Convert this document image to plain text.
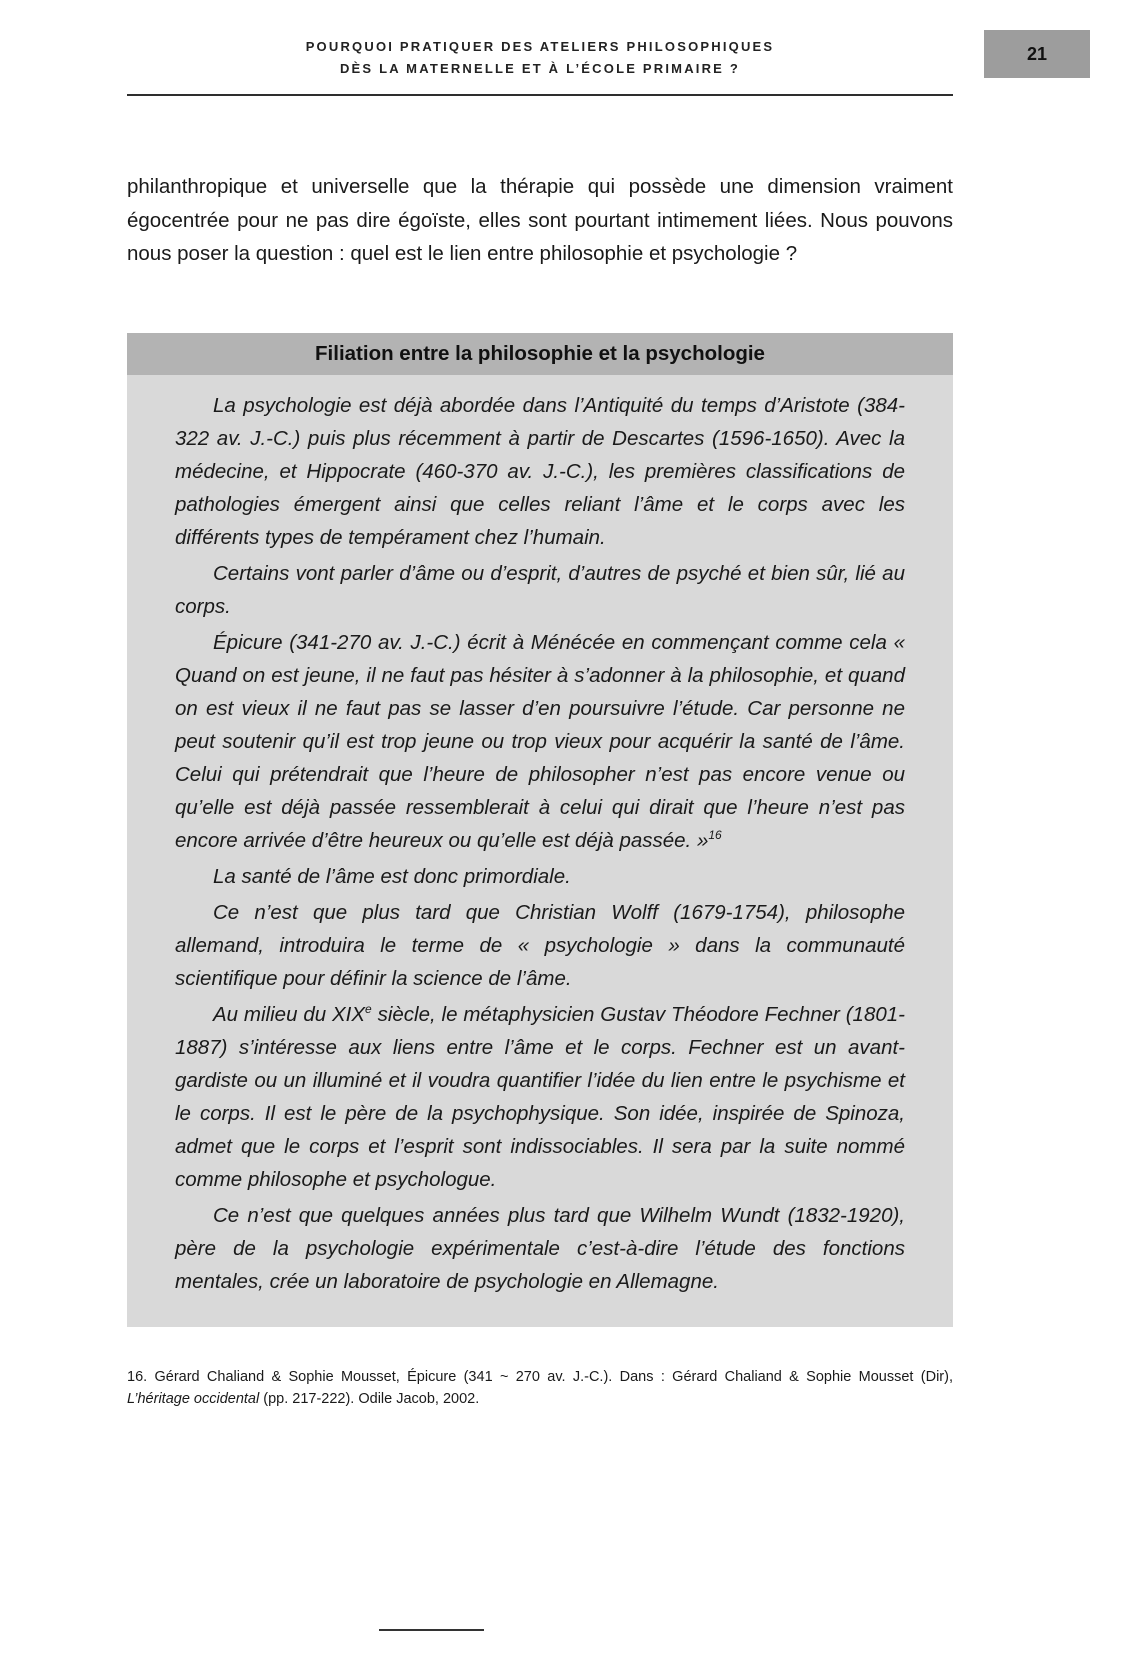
21
POURQUOI PRATIQUER DES ATELIERS PHILOSOPHIQUES
DÈS LA MATERNELLE ET À L’ÉCOLE PRIMAIRE ?

philanthropique et universelle que la thérapie qui possède une dimension vraiment égocentrée pour ne pas dire égoïste, elles sont pourtant intimement liées. Nous pouvons nous poser la question : quel est le lien entre philosophie et psychologie ?

Filiation entre la philosophie et la psychologie

La psychologie est déjà abordée dans l’Antiquité du temps d’Aristote (384-322 av. J.-C.) puis plus récemment à partir de Descartes (1596-1650). Avec la médecine, et Hippocrate (460-370 av. J.-C.), les premières classifications de pathologies émergent ainsi que celles reliant l’âme et le corps avec les différents types de tempérament chez l’humain.

Certains vont parler d’âme ou d’esprit, d’autres de psyché et bien sûr, lié au corps.

Épicure (341-270 av. J.-C.) écrit à Ménécée en commençant comme cela « Quand on est jeune, il ne faut pas hésiter à s’adonner à la philosophie, et quand on est vieux il ne faut pas se lasser d’en poursuivre l’étude. Car personne ne peut soutenir qu’il est trop jeune ou trop vieux pour acquérir la santé de l’âme. Celui qui prétendrait que l’heure de philosopher n’est pas encore venue ou qu’elle est déjà passée ressemblerait à celui qui dirait que l’heure n’est pas encore arrivée d’être heureux ou qu’elle est déjà passée. »$^{16}$

La santé de l’âme est donc primordiale.

Ce n’est que plus tard que Christian Wolff (1679-1754), philosophe allemand, introduira le terme de « psychologie » dans la communauté scientifique pour définir la science de l’âme.

Au milieu du XIXe siècle, le métaphysicien Gustav Théodore Fechner (1801-1887) s’intéresse aux liens entre l’âme et le corps. Fechner est un avant-gardiste ou un illuminé et il voudra quantifier l’idée du lien entre le psychisme et le corps. Il est le père de la psychophysique. Son idée, inspirée de Spinoza, admet que le corps et l’esprit sont indissociables. Il sera par la suite nommé comme philosophe et psychologue.

Ce n’est que quelques années plus tard que Wilhelm Wundt (1832-1920), père de la psychologie expérimentale c’est-à-dire l’étude des fonctions mentales, crée un laboratoire de psychologie en Allemagne.

16. Gérard Chaliand & Sophie Mousset, Épicure (341 ~ 270 av. J.-C.). Dans : Gérard Chaliand & Sophie Mousset (Dir), L’héritage occidental (pp. 217-222). Odile Jacob, 2002.
